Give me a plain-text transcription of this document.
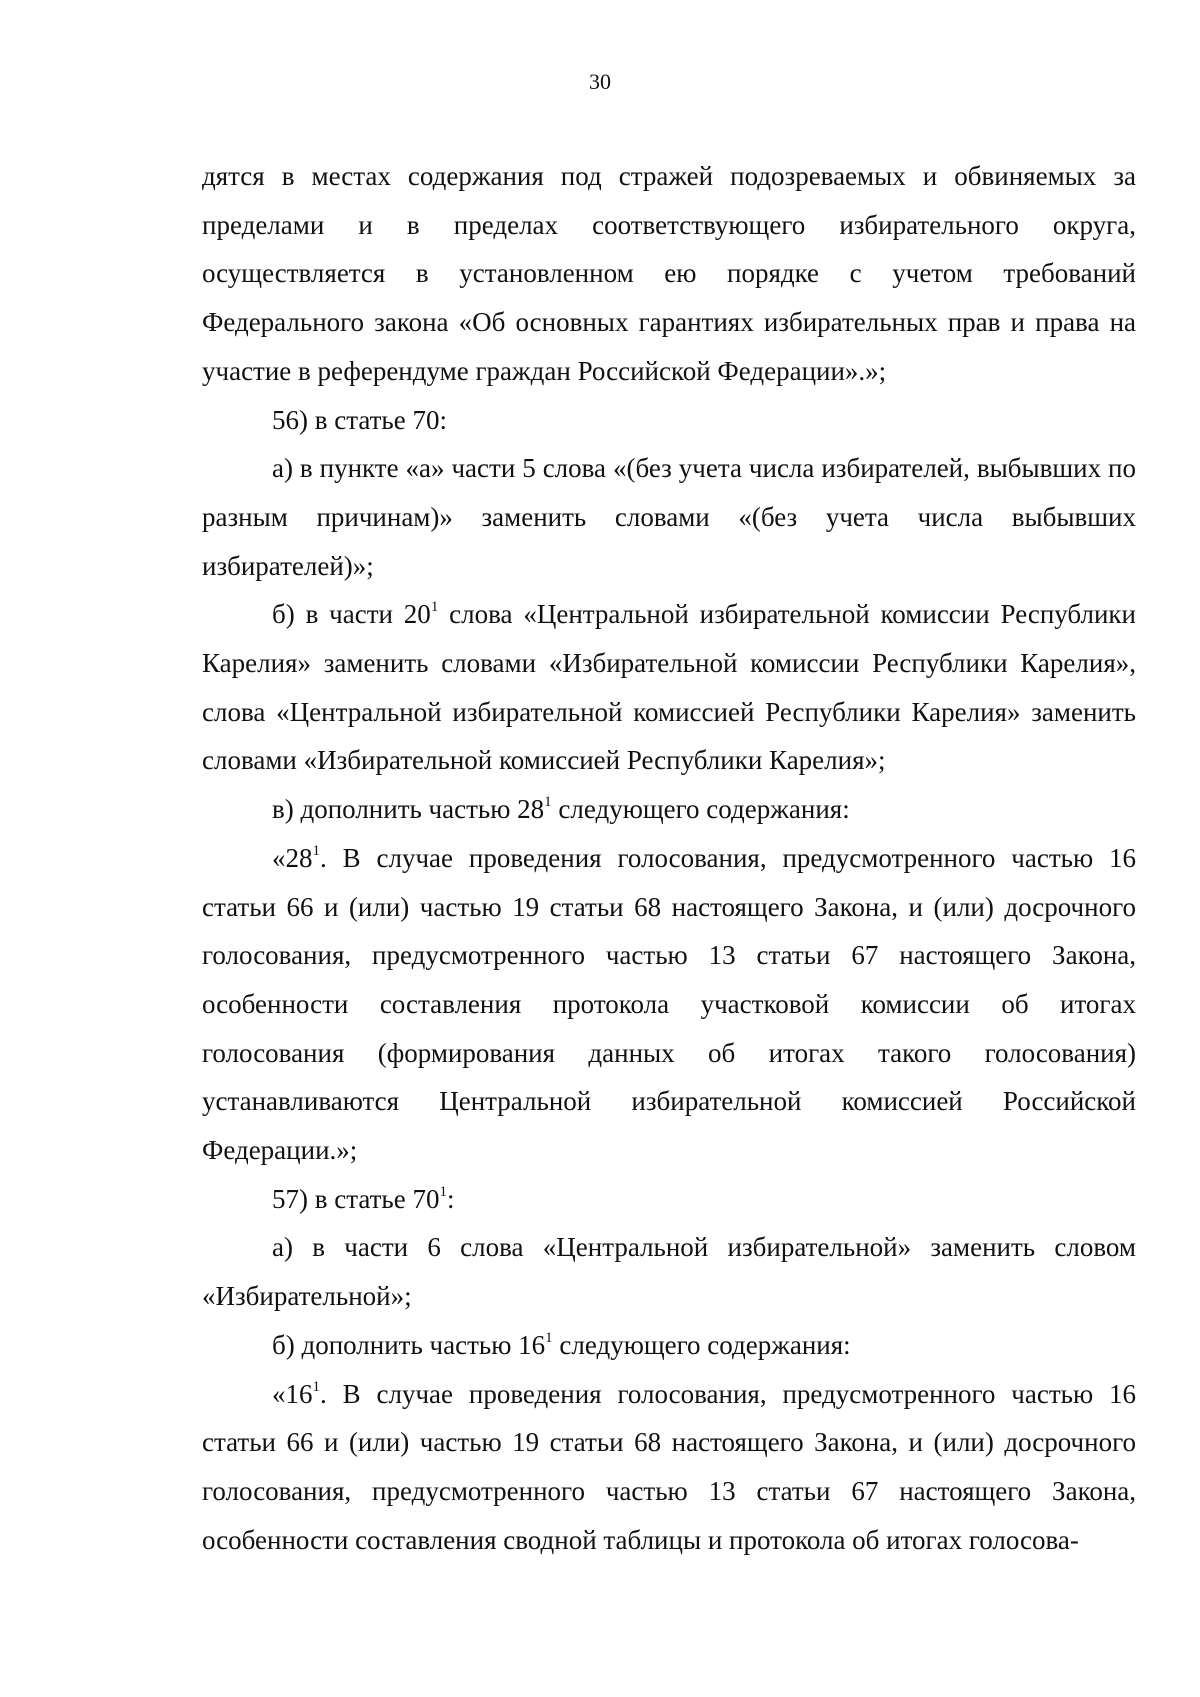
30

дятся в местах содержания под стражей подозреваемых и обвиняемых за пределами и в пределах соответствующего избирательного округа, осуществляется в установленном ею порядке с учетом требований Федерального закона «Об основных гарантиях избирательных прав и права на участие в референдуме граждан Российской Федерации».»;

56) в статье 70:

а) в пункте «а» части 5 слова «(без учета числа избирателей, выбывших по разным причинам)» заменить словами «(без учета числа выбывших избирателей)»;

б) в части $20^1$ слова «Центральной избирательной комиссии Республики Карелия» заменить словами «Избирательной комиссии Республики Карелия», слова «Центральной избирательной комиссией Республики Карелия» заменить словами «Избирательной комиссией Республики Карелия»;

в) дополнить частью $28^1$ следующего содержания:

«$28^1$. В случае проведения голосования, предусмотренного частью 16 статьи 66 и (или) частью 19 статьи 68 настоящего Закона, и (или) досрочного голосования, предусмотренного частью 13 статьи 67 настоящего Закона, особенности составления протокола участковой комиссии об итогах голосования (формирования данных об итогах такого голосования) устанавливаются Центральной избирательной комиссией Российской Федерации.»;

57) в статье $70^1$:

а) в части 6 слова «Центральной избирательной» заменить словом «Избирательной»;

б) дополнить частью $16^1$ следующего содержания:

«$16^1$. В случае проведения голосования, предусмотренного частью 16 статьи 66 и (или) частью 19 статьи 68 настоящего Закона, и (или) досрочного голосования, предусмотренного частью 13 статьи 67 настоящего Закона, особенности составления сводной таблицы и протокола об итогах голосова-
